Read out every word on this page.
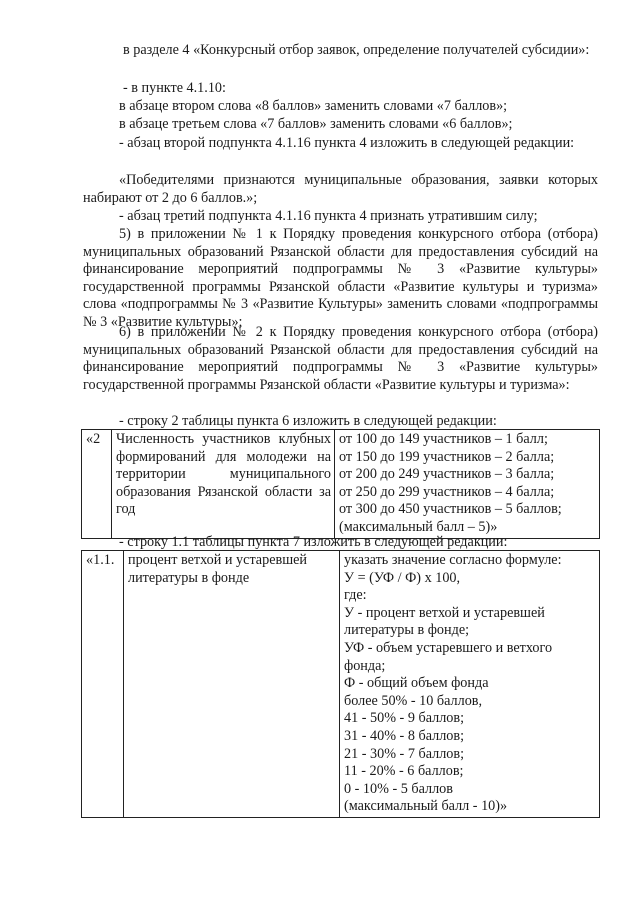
в разделе 4 «Конкурсный отбор заявок, определение получателей субсидии»:

- в пункте 4.1.10:

в абзаце втором слова «8 баллов» заменить словами «7 баллов»;

в абзаце третьем слова «7 баллов» заменить словами «6 баллов»;

- абзац второй подпункта 4.1.16 пункта 4 изложить в следующей редакции:

«Победителями признаются муниципальные образования, заявки которых набирают от 2 до 6 баллов.»;

- абзац третий подпункта 4.1.16 пункта 4 признать утратившим силу;

5) в приложении № 1 к Порядку проведения конкурсного отбора (отбора) муниципальных образований Рязанской области для предоставления субсидий на финансирование мероприятий подпрограммы № 3 «Развитие культуры» государственной программы Рязанской области «Развитие культуры и туризма» слова «подпрограммы № 3 «Развитие Культуры» заменить словами «подпрограммы № 3 «Развитие культуры»;

6) в приложении № 2 к Порядку проведения конкурсного отбора (отбора) муниципальных образований Рязанской области для предоставления субсидий на финансирование мероприятий подпрограммы № 3 «Развитие культуры» государственной программы Рязанской области «Развитие культуры и туризма»:

- строку 2 таблицы пункта 6 изложить в следующей редакции:

«2	Численность участников клубных формирований для молодежи на территории муниципального образования Рязанской области за год	
от 100 до 149 участников – 1 балл;
от 150 до 199 участников – 2 балла;
от 200 до 249 участников – 3 балла;
от 250 до 299 участников – 4 балла;
от 300 до 450 участников – 5 баллов;
(максимальный балл – 5)»

- строку 1.1 таблицы пункта 7 изложить в следующей редакции:

«1.1.	процент ветхой и устаревшей литературы в фонде	
указать значение согласно формуле:
У = (УФ / Ф) х 100,
где:
У - процент ветхой и устаревшей литературы в фонде;
УФ - объем устаревшего и ветхого фонда;
Ф - общий объем фонда
более 50% - 10 баллов,
41 - 50% - 9 баллов;
31 - 40% - 8 баллов;
21 - 30% - 7 баллов;
11 - 20% - 6 баллов;
0 - 10% - 5 баллов
(максимальный балл - 10)»
